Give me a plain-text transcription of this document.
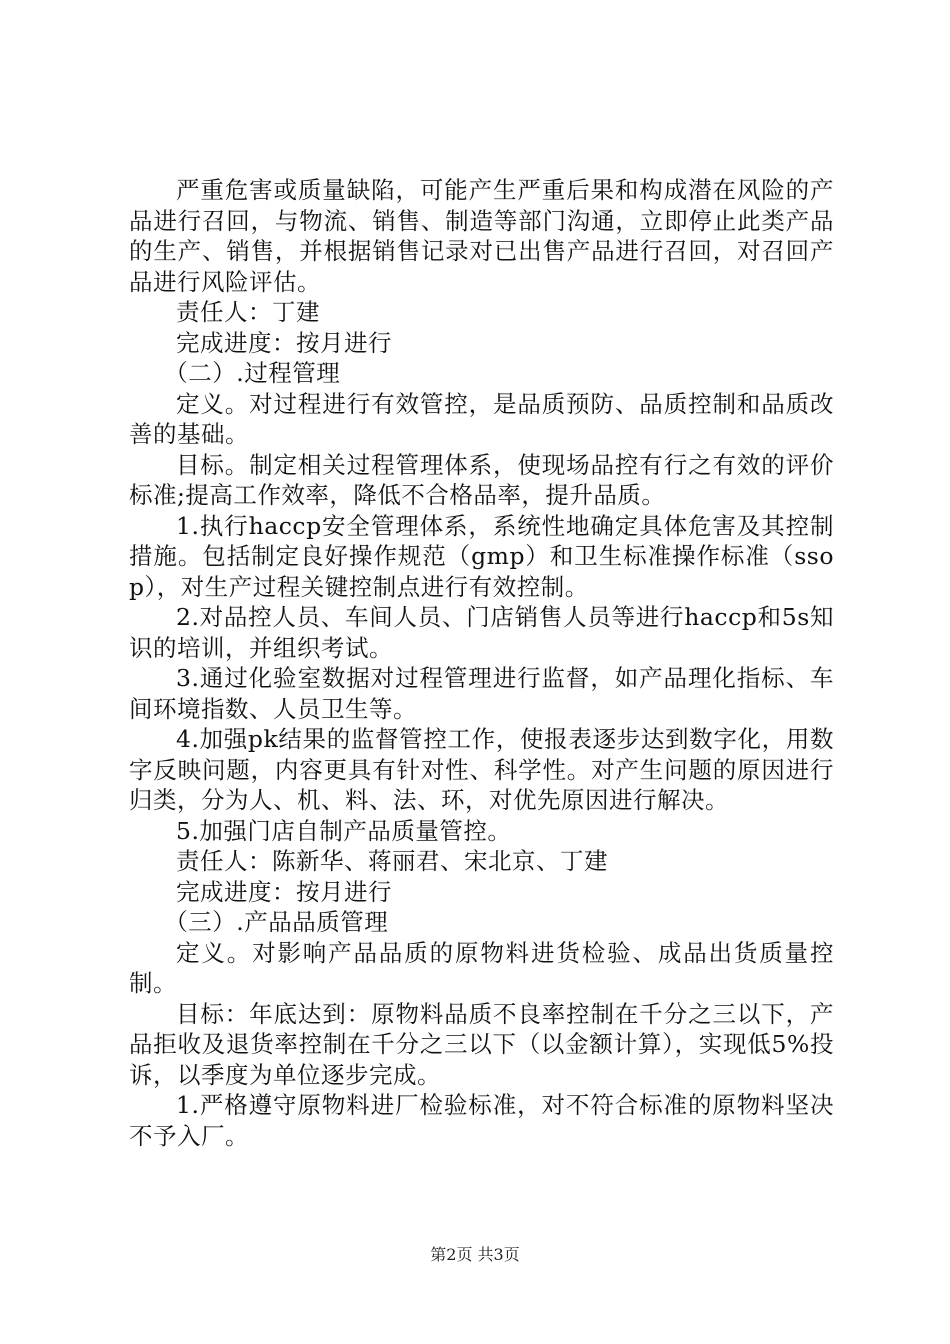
严重危害或质量缺陷，可能产生严重后果和构成潜在风险的产品进行召回，与物流、销售、制造等部门沟通，立即停止此类产品的生产、销售，并根据销售记录对已出售产品进行召回，对召回产品进行风险评估。

责任人：丁建

完成进度：按月进行

（二）.过程管理

定义。对过程进行有效管控，是品质预防、品质控制和品质改善的基础。

目标。制定相关过程管理体系，使现场品控有行之有效的评价标准;提高工作效率，降低不合格品率，提升品质。

1.执行haccp安全管理体系，系统性地确定具体危害及其控制措施。包括制定良好操作规范（gmp）和卫生标准操作标准（ssop），对生产过程关键控制点进行有效控制。

2.对品控人员、车间人员、门店销售人员等进行haccp和5s知识的培训，并组织考试。

3.通过化验室数据对过程管理进行监督，如产品理化指标、车间环境指数、人员卫生等。

4.加强pk结果的监督管控工作，使报表逐步达到数字化，用数字反映问题，内容更具有针对性、科学性。对产生问题的原因进行归类，分为人、机、料、法、环，对优先原因进行解决。

5.加强门店自制产品质量管控。

责任人：陈新华、蒋丽君、宋北京、丁建

完成进度：按月进行

（三）.产品品质管理

定义。对影响产品品质的原物料进货检验、成品出货质量控制。

目标：年底达到：原物料品质不良率控制在千分之三以下，产品拒收及退货率控制在千分之三以下（以金额计算），实现低5%投诉，以季度为单位逐步完成。

1.严格遵守原物料进厂检验标准，对不符合标准的原物料坚决不予入厂。

第2页 共3页
